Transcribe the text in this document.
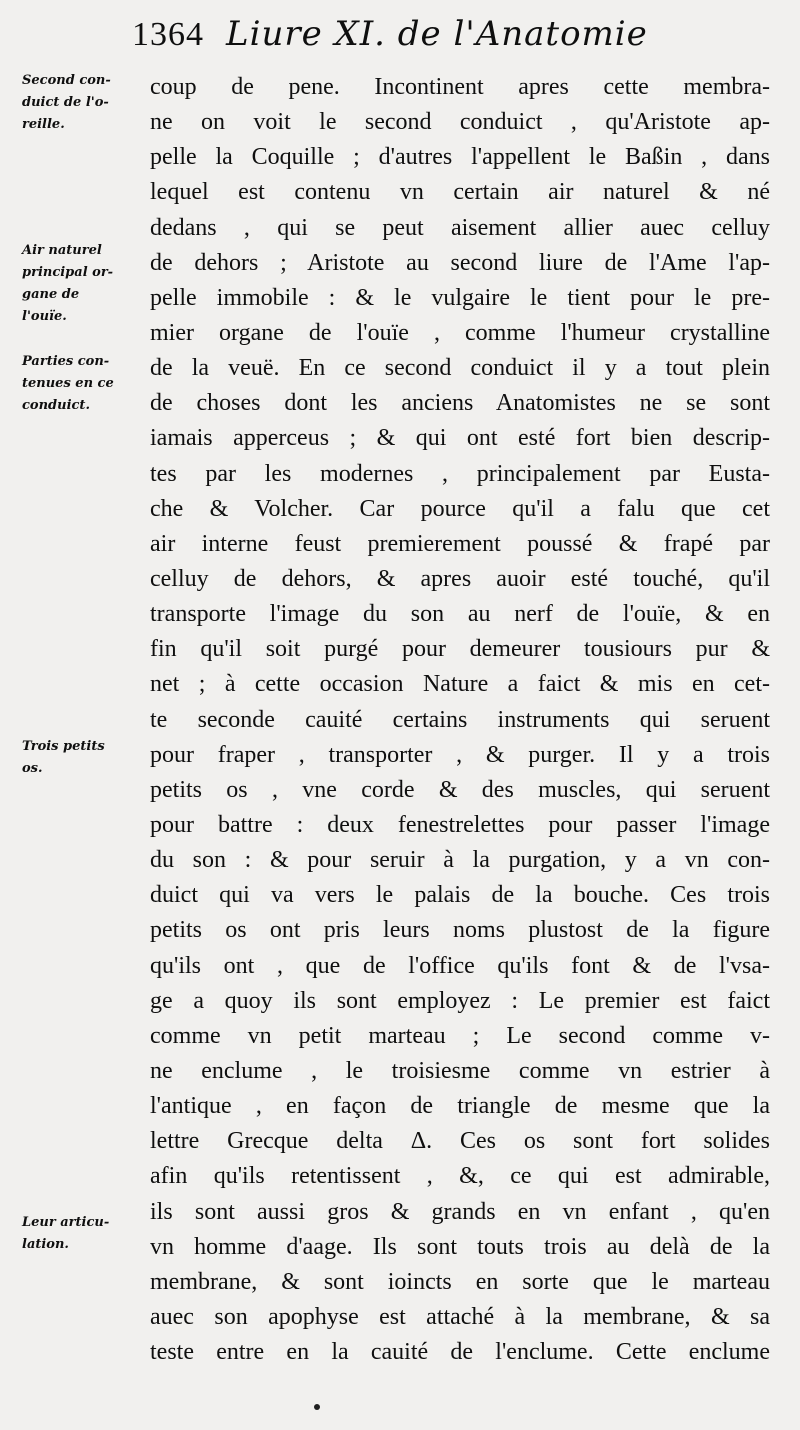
1364 Liure XI. de l'Anatomie
Second con-
duict de l'o-
reille.
Air naturel
principal or-
gane de
l'ouïe.
Parties con-
tenues en ce
conduict.
Trois petits
os.
Leur articu-
lation.
coup de pene. Incontinent apres cette membra-
ne on voit le second conduict , qu'Aristote ap-
pelle la Coquille ; d'autres l'appellent le Baßin , dans
lequel est contenu vn certain air naturel & né
dedans , qui se peut aisement allier auec celluy
de dehors ; Aristote au second liure de l'Ame l'ap-
pelle immobile : & le vulgaire le tient pour le pre-
mier organe de l'ouïe , comme l'humeur crystalline
de la veuë. En ce second conduict il y a tout plein
de choses dont les anciens Anatomistes ne se sont
iamais apperceus ; & qui ont esté fort bien descrip-
tes par les modernes , principalement par Eusta-
che & Volcher. Car pource qu'il a falu que cet
air interne feust premierement poussé & frapé par
celluy de dehors, & apres auoir esté touché, qu'il
transporte l'image du son au nerf de l'ouïe, & en
fin qu'il soit purgé pour demeurer tousiours pur &
net ; à cette occasion Nature a faict & mis en cet-
te seconde cauité certains instruments qui seruent
pour fraper , transporter , & purger. Il y a trois
petits os , vne corde & des muscles, qui seruent
pour battre : deux fenestrelettes pour passer l'image
du son : & pour seruir à la purgation, y a vn con-
duict qui va vers le palais de la bouche. Ces trois
petits os ont pris leurs noms plustost de la figure
qu'ils ont , que de l'office qu'ils font & de l'vsa-
ge a quoy ils sont employez : Le premier est faict
comme vn petit marteau ; Le second comme v-
ne enclume , le troisiesme comme vn estrier à
l'antique , en façon de triangle de mesme que la
lettre Grecque delta Δ. Ces os sont fort solides
afin qu'ils retentissent , &, ce qui est admirable,
ils sont aussi gros & grands en vn enfant , qu'en
vn homme d'aage. Ils sont touts trois au delà de la
membrane, & sont ioincts en sorte que le marteau
auec son apophyse est attaché à la membrane, & sa
teste entre en la cauité de l'enclume. Cette enclume
